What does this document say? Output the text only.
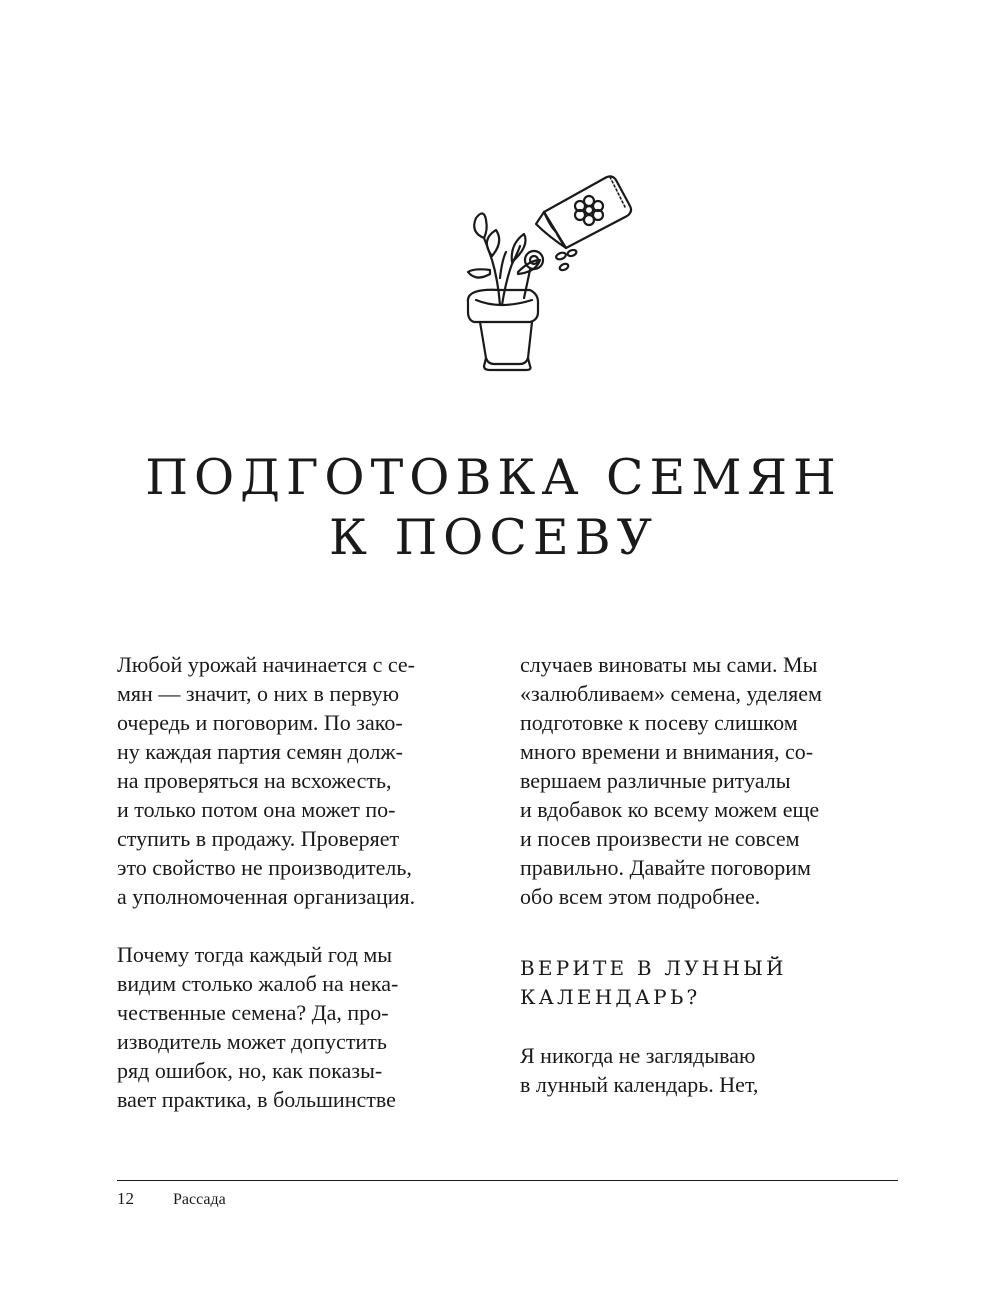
ПОДГОТОВКА СЕМЯН
К ПОСЕВУ

Любой урожай начинается с се-
мян — значит, о них в первую
очередь и поговорим. По зако-
ну каждая партия семян долж-
на проверяться на всхожесть,
и только потом она может по-
ступить в продажу. Проверяет
это свойство не производитель,
а уполномоченная организация.

Почему тогда каждый год мы
видим столько жалоб на нека-
чественные семена? Да, про-
изводитель может допустить
ряд ошибок, но, как показы-
вает практика, в большинстве

случаев виноваты мы сами. Мы
«залюбливаем» семена, уделяем
подготовке к посеву слишком
много времени и внимания, со-
вершаем различные ритуалы
и вдобавок ко всему можем еще
и посев произвести не совсем
правильно. Давайте поговорим
обо всем этом подробнее.

ВЕРИТЕ В ЛУННЫЙ
КАЛЕНДАРЬ?

Я никогда не заглядываю
в лунный календарь. Нет,

12 Рассада
